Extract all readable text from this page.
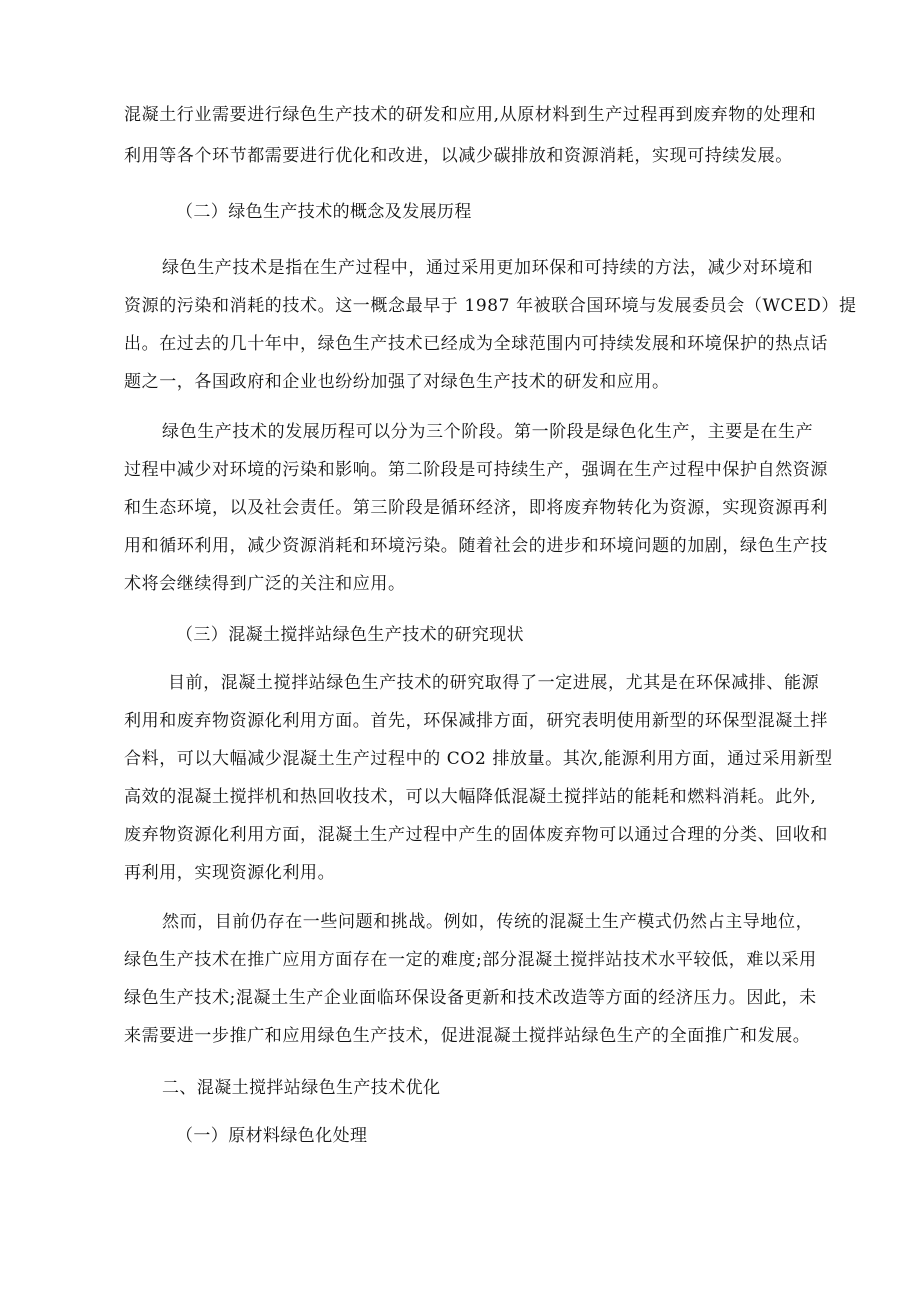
混凝土行业需要进行绿色生产技术的研发和应用,从原材料到生产过程再到废弃物的处理和
利用等各个环节都需要进行优化和改进，以减少碳排放和资源消耗，实现可持续发展。
（二）绿色生产技术的概念及发展历程
绿色生产技术是指在生产过程中，通过采用更加环保和可持续的方法，减少对环境和
资源的污染和消耗的技术。这一概念最早于 1987 年被联合国环境与发展委员会（WCED）提
出。在过去的几十年中，绿色生产技术已经成为全球范围内可持续发展和环境保护的热点话
题之一，各国政府和企业也纷纷加强了对绿色生产技术的研发和应用。
绿色生产技术的发展历程可以分为三个阶段。第一阶段是绿色化生产，主要是在生产
过程中减少对环境的污染和影响。第二阶段是可持续生产，强调在生产过程中保护自然资源
和生态环境，以及社会责任。第三阶段是循环经济，即将废弃物转化为资源，实现资源再利
用和循环利用，减少资源消耗和环境污染。随着社会的进步和环境问题的加剧，绿色生产技
术将会继续得到广泛的关注和应用。
（三）混凝土搅拌站绿色生产技术的研究现状
目前，混凝土搅拌站绿色生产技术的研究取得了一定进展，尤其是在环保减排、能源
利用和废弃物资源化利用方面。首先，环保减排方面，研究表明使用新型的环保型混凝土拌
合料，可以大幅减少混凝土生产过程中的 CO2 排放量。其次,能源利用方面，通过采用新型
高效的混凝土搅拌机和热回收技术，可以大幅降低混凝土搅拌站的能耗和燃料消耗。此外,
废弃物资源化利用方面，混凝土生产过程中产生的固体废弃物可以通过合理的分类、回收和
再利用，实现资源化利用。
然而，目前仍存在一些问题和挑战。例如，传统的混凝土生产模式仍然占主导地位，
绿色生产技术在推广应用方面存在一定的难度;部分混凝土搅拌站技术水平较低，难以采用
绿色生产技术;混凝土生产企业面临环保设备更新和技术改造等方面的经济压力。因此，未
来需要进一步推广和应用绿色生产技术，促进混凝土搅拌站绿色生产的全面推广和发展。
二、混凝土搅拌站绿色生产技术优化
（一）原材料绿色化处理
